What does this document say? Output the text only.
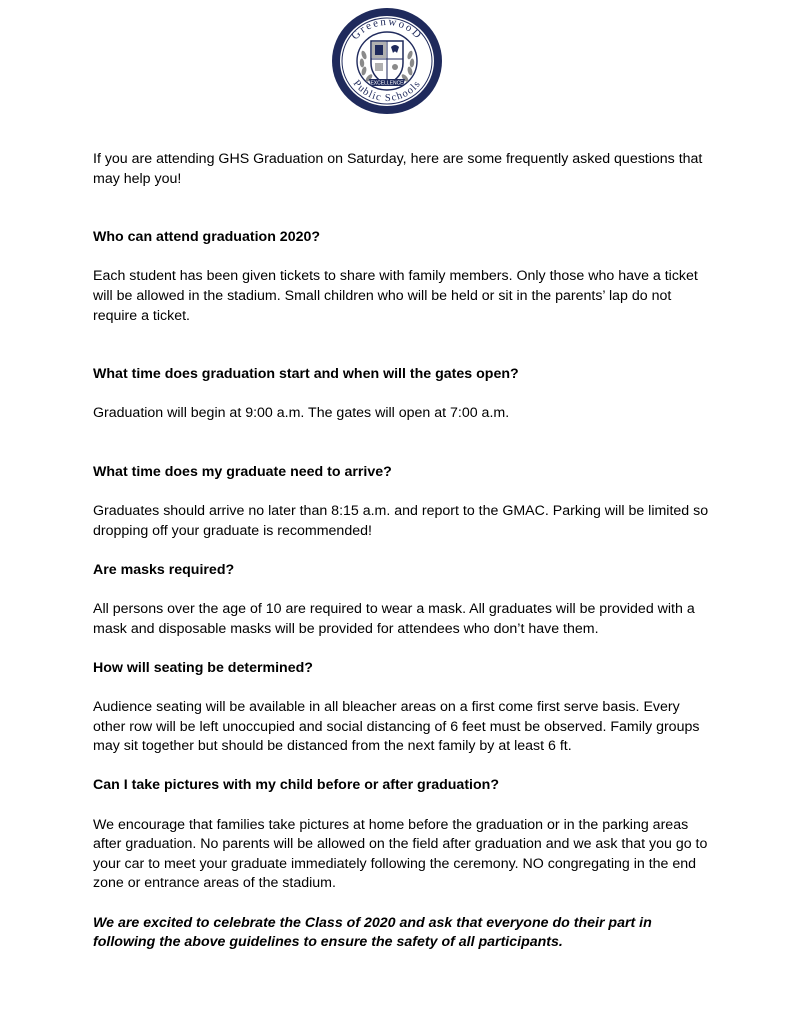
GreenwooD
Public Schools
EXCELLENCE

If you are attending GHS Graduation on Saturday, here are some frequently asked questions that may help you!

Who can attend graduation 2020?

Each student has been given tickets to share with family members. Only those who have a ticket will be allowed in the stadium. Small children who will be held or sit in the parents’ lap do not require a ticket.

What time does graduation start and when will the gates open?

Graduation will begin at 9:00 a.m. The gates will open at 7:00 a.m.

What time does my graduate need to arrive?

Graduates should arrive no later than 8:15 a.m. and report to the GMAC. Parking will be limited so dropping off your graduate is recommended!

Are masks required?

All persons over the age of 10 are required to wear a mask. All graduates will be provided with a mask and disposable masks will be provided for attendees who don’t have them.

How will seating be determined?

Audience seating will be available in all bleacher areas on a first come first serve basis. Every other row will be left unoccupied and social distancing of 6 feet must be observed. Family groups may sit together but should be distanced from the next family by at least 6 ft.

Can I take pictures with my child before or after graduation?

We encourage that families take pictures at home before the graduation or in the parking areas after graduation. No parents will be allowed on the field after graduation and we ask that you go to your car to meet your graduate immediately following the ceremony. NO congregating in the end zone or entrance areas of the stadium.

We are excited to celebrate the Class of 2020 and ask that everyone do their part in following the above guidelines to ensure the safety of all participants.
